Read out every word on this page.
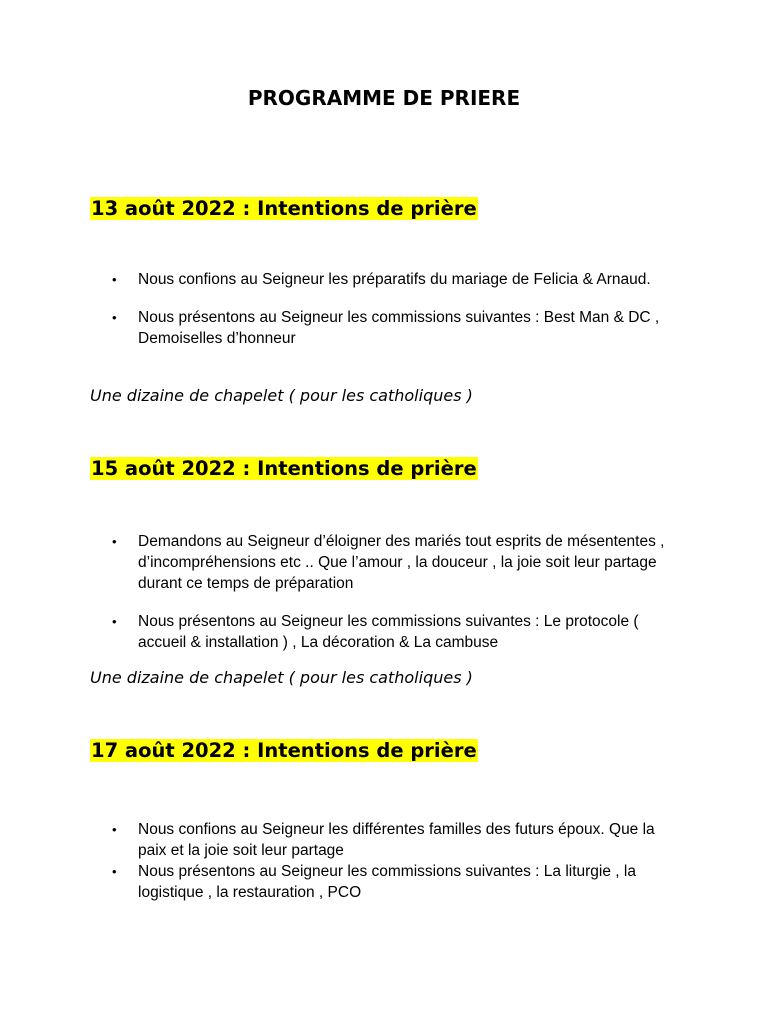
PROGRAMME DE PRIERE
13 août 2022 : Intentions de prière
• Nous confions au Seigneur les préparatifs du mariage de Felicia & Arnaud.
• Nous présentons au Seigneur les commissions suivantes : Best Man & DC , Demoiselles d’honneur

Une dizaine de chapelet ( pour les catholiques )

15 août 2022 : Intentions de prière
• Demandons au Seigneur d’éloigner des mariés tout esprits de mésententes , d’incompréhensions etc .. Que l’amour , la douceur , la joie soit leur partage durant ce temps de préparation
• Nous présentons au Seigneur les commissions suivantes : Le protocole ( accueil & installation ) , La décoration & La cambuse

Une dizaine de chapelet ( pour les catholiques )

17 août 2022 : Intentions de prière
• Nous confions au Seigneur les différentes familles des futurs époux. Que la paix et la joie soit leur partage
• Nous présentons au Seigneur les commissions suivantes : La liturgie , la logistique , la restauration , PCO
